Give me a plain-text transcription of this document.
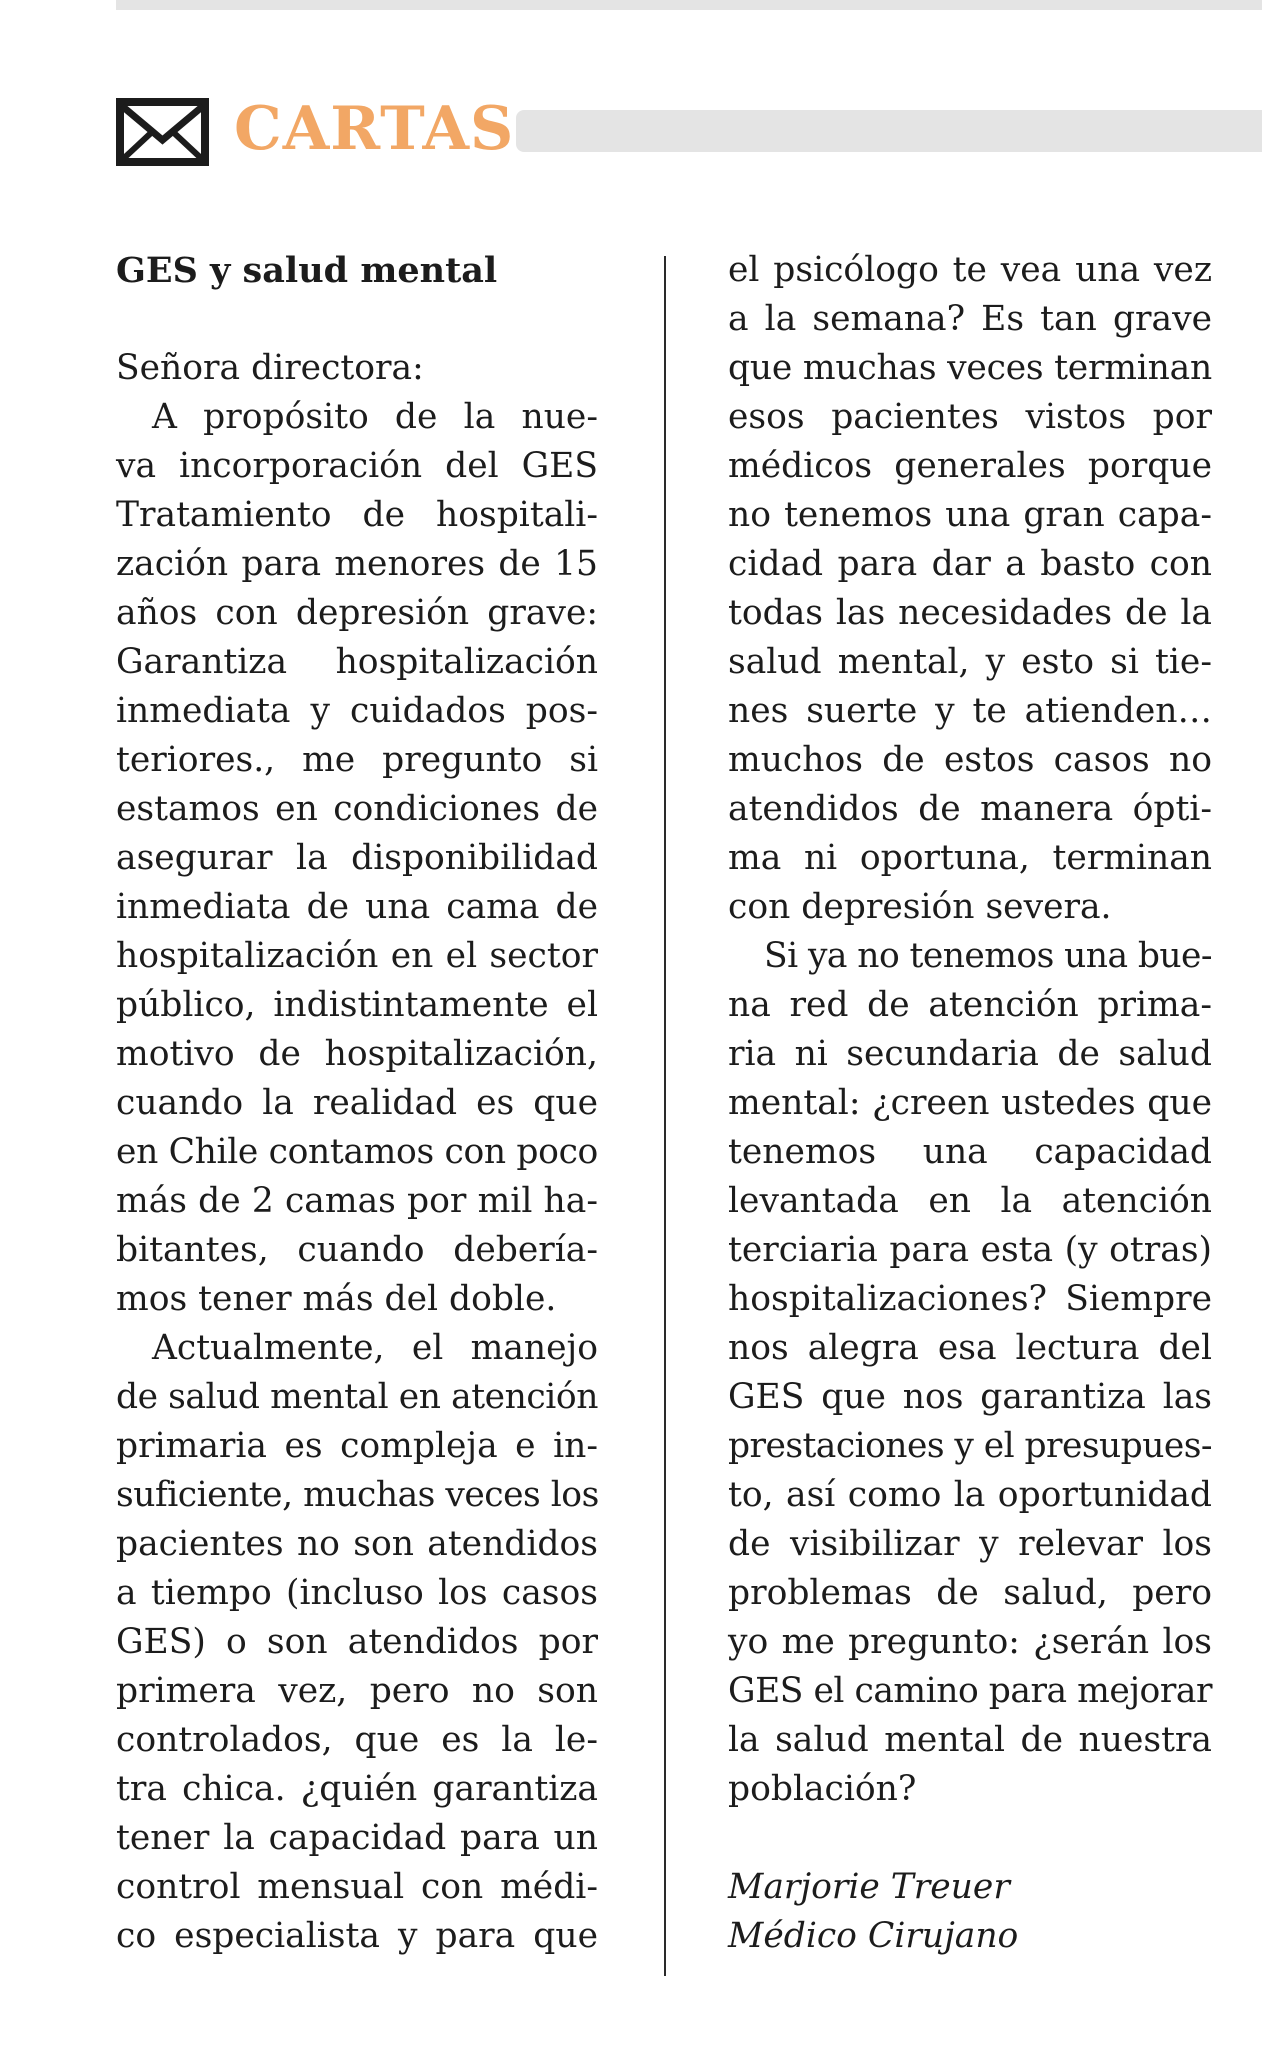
CARTAS
GES y salud mental
Señora directora:
A propósito de la nue-
va incorporación del GES
Tratamiento de hospitali-
zación para menores de 15
años con depresión grave:
Garantiza hospitalización
inmediata y cuidados pos-
teriores., me pregunto si
estamos en condiciones de
asegurar la disponibilidad
inmediata de una cama de
hospitalización en el sector
público, indistintamente el
motivo de hospitalización,
cuando la realidad es que
en Chile contamos con poco
más de 2 camas por mil ha-
bitantes, cuando debería-
mos tener más del doble.
Actualmente, el manejo
de salud mental en atención
primaria es compleja e in-
suficiente, muchas veces los
pacientes no son atendidos
a tiempo (incluso los casos
GES) o son atendidos por
primera vez, pero no son
controlados, que es la le-
tra chica. ¿quién garantiza
tener la capacidad para un
control mensual con médi-
co especialista y para que
el psicólogo te vea una vez
a la semana? Es tan grave
que muchas veces terminan
esos pacientes vistos por
médicos generales porque
no tenemos una gran capa-
cidad para dar a basto con
todas las necesidades de la
salud mental, y esto si tie-
nes suerte y te atienden…
muchos de estos casos no
atendidos de manera ópti-
ma ni oportuna, terminan
con depresión severa.
Si ya no tenemos una bue-
na red de atención prima-
ria ni secundaria de salud
mental: ¿creen ustedes que
tenemos una capacidad
levantada en la atención
terciaria para esta (y otras)
hospitalizaciones? Siempre
nos alegra esa lectura del
GES que nos garantiza las
prestaciones y el presupues-
to, así como la oportunidad
de visibilizar y relevar los
problemas de salud, pero
yo me pregunto: ¿serán los
GES el camino para mejorar
la salud mental de nuestra
población?
Marjorie Treuer
Médico Cirujano
